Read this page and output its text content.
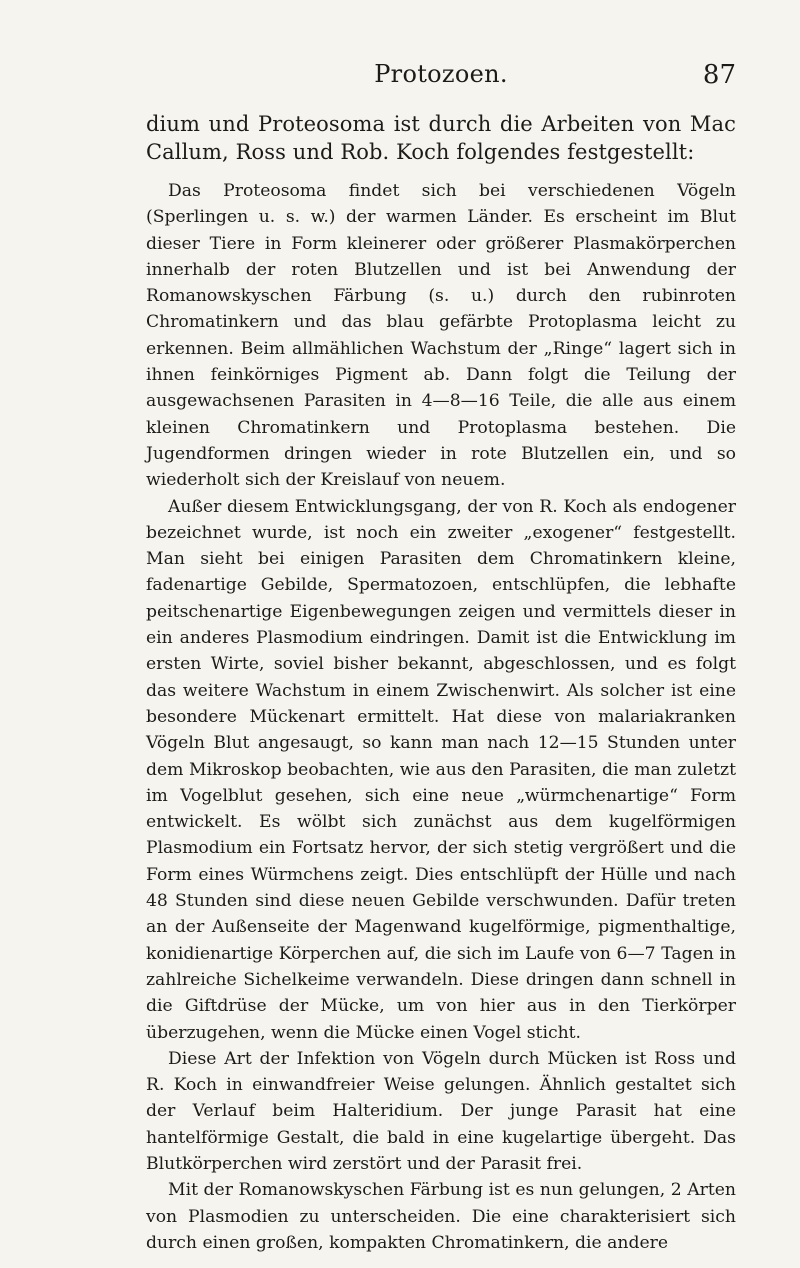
Protozoen.	87

dium und Proteosoma ist durch die Arbeiten von Mac Callum, Ross und Rob. Koch folgendes festgestellt:

Das Proteosoma findet sich bei verschiedenen Vögeln (Sperlingen u. s. w.) der warmen Länder. Es erscheint im Blut dieser Tiere in Form kleinerer oder größerer Plasmakörperchen innerhalb der roten Blutzellen und ist bei Anwendung der Romanowskyschen Färbung (s. u.) durch den rubinroten Chromatinkern und das blau gefärbte Protoplasma leicht zu erkennen. Beim allmählichen Wachstum der „Ringe“ lagert sich in ihnen feinkörniges Pigment ab. Dann folgt die Teilung der ausgewachsenen Parasiten in 4—8—16 Teile, die alle aus einem kleinen Chromatinkern und Protoplasma bestehen. Die Jugendformen dringen wieder in rote Blutzellen ein, und so wiederholt sich der Kreislauf von neuem.

Außer diesem Entwicklungsgang, der von R. Koch als endogener bezeichnet wurde, ist noch ein zweiter „exogener“ festgestellt. Man sieht bei einigen Parasiten dem Chromatinkern kleine, fadenartige Gebilde, Spermatozoen, entschlüpfen, die lebhafte peitschenartige Eigenbewegungen zeigen und vermittels dieser in ein anderes Plasmodium eindringen. Damit ist die Entwicklung im ersten Wirte, soviel bisher bekannt, abgeschlossen, und es folgt das weitere Wachstum in einem Zwischenwirt. Als solcher ist eine besondere Mückenart ermittelt. Hat diese von malariakranken Vögeln Blut angesaugt, so kann man nach 12—15 Stunden unter dem Mikroskop beobachten, wie aus den Parasiten, die man zuletzt im Vogelblut gesehen, sich eine neue „würmchenartige“ Form entwickelt. Es wölbt sich zunächst aus dem kugelförmigen Plasmodium ein Fortsatz hervor, der sich stetig vergrößert und die Form eines Würmchens zeigt. Dies entschlüpft der Hülle und nach 48 Stunden sind diese neuen Gebilde verschwunden. Dafür treten an der Außenseite der Magenwand kugelförmige, pigmenthaltige, konidienartige Körperchen auf, die sich im Laufe von 6—7 Tagen in zahlreiche Sichelkeime verwandeln. Diese dringen dann schnell in die Giftdrüse der Mücke, um von hier aus in den Tierkörper überzugehen, wenn die Mücke einen Vogel sticht.

Diese Art der Infektion von Vögeln durch Mücken ist Ross und R. Koch in einwandfreier Weise gelungen. Ähnlich gestaltet sich der Verlauf beim Halteridium. Der junge Parasit hat eine hantelförmige Gestalt, die bald in eine kugelartige übergeht. Das Blutkörperchen wird zerstört und der Parasit frei.

Mit der Romanowskyschen Färbung ist es nun gelungen, 2 Arten von Plasmodien zu unterscheiden. Die eine charakterisiert sich durch einen großen, kompakten Chromatinkern, die andere
